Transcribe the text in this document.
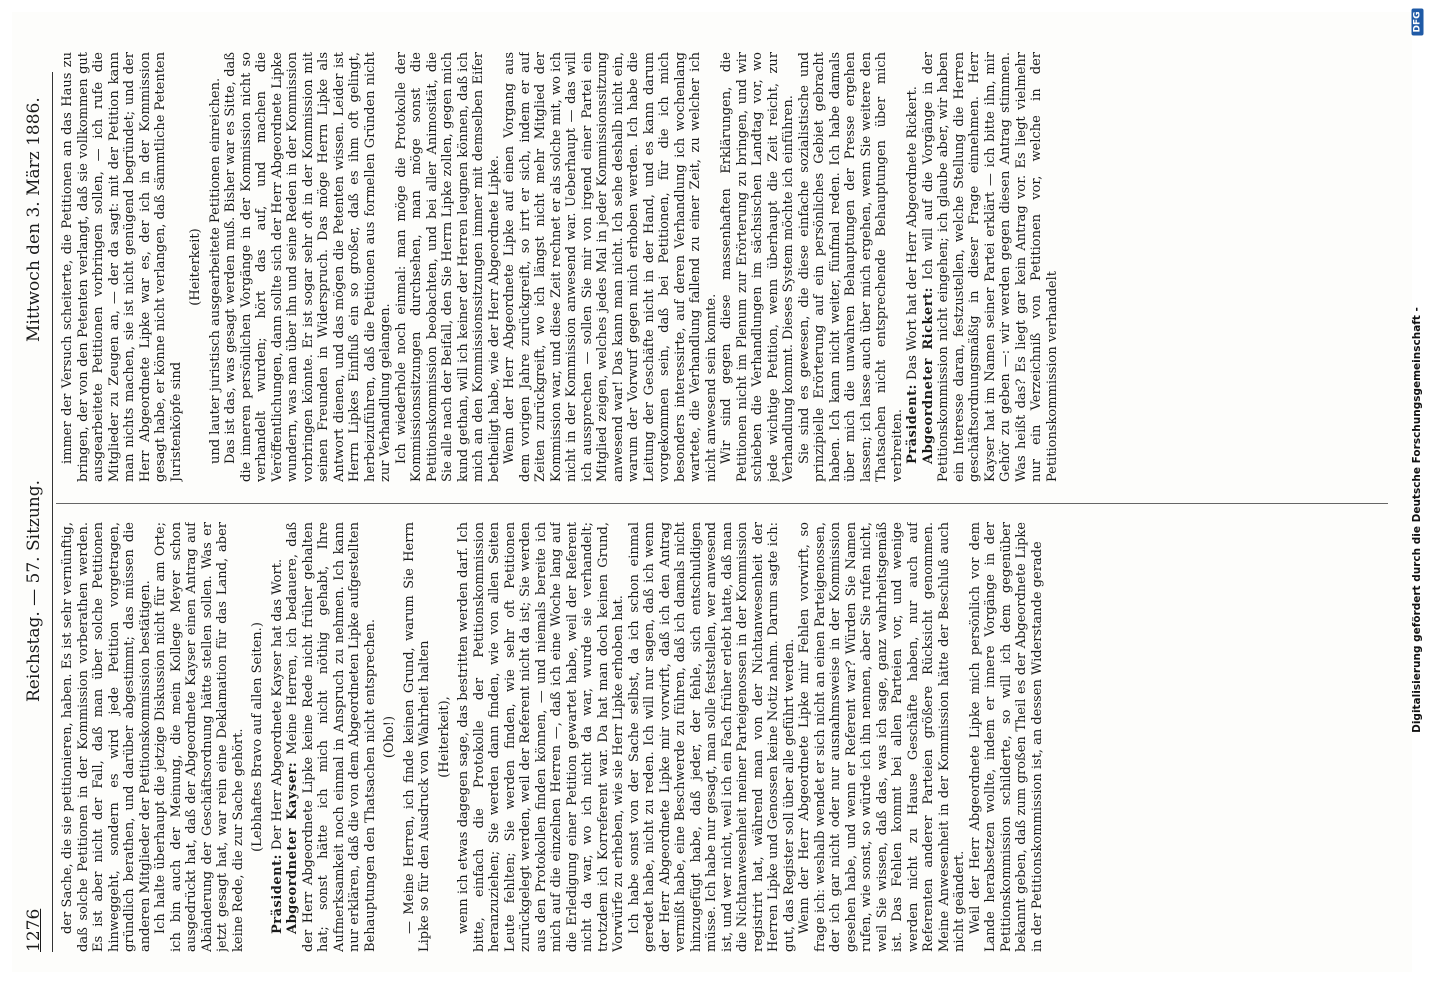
1276
Reichstag. — 57. Sitzung.
Mittwoch den 3. März 1886.

der Sache, die sie petitionieren, haben. Es ist sehr vernünftig, daß solche Petitionen in der Kommission vorberathen werden. Es ist aber nicht der Fall, daß man über solche Petitionen hinweggeht, sondern es wird jede Petition vorgetragen, gründlich berathen, und darüber abgestimmt; das müssen die anderen Mitglieder der Petitionskommission bestätigen. Ich halte überhaupt die jetzige Diskussion nicht für am Orte; ich bin auch der Meinung, die mein Kollege Meyer schon ausgedrückt hat, daß der Abgeordnete Kayser einen Antrag auf Abänderung der Geschäftsordnung hätte stellen sollen. Was er jetzt gesagt hat, war rein eine Deklamation für das Land, aber keine Rede, die zur Sache gehört. (Lebhaftes Bravo auf allen Seiten.)

Präsident: Der Herr Abgeordnete Kayser hat das Wort. Abgeordneter Kayser: Meine Herren, ich bedauere, daß der Herr Abgeordnete Lipke keine Rede nicht früher gehalten hat; sonst hätte ich mich nicht nöthig gehabt, Ihre Aufmerksamkeit noch einmal in Anspruch zu nehmen. Ich kann nur erklären, daß die von dem Abgeordneten Lipke aufgestellten Behauptungen den Thatsachen nicht entsprechen. (Oho!) — Meine Herren, ich finde keinen Grund, warum Sie Herrn Lipke so für den Ausdruck von Wahrheit halten (Heiterkeit), wenn ich etwas dagegen sage, das bestritten werden darf. Ich bitte, einfach die Protokolle der Petitionskommission heranzuziehen; Sie werden dann finden, wie von allen Seiten Leute fehlten; Sie werden finden, wie sehr oft Petitionen zurückgelegt werden, weil der Referent nicht da ist; Sie werden aus den Protokollen finden können, — und niemals bereite ich mich auf die einzelnen Herren —, daß ich eine Woche lang auf die Erledigung einer Petition gewartet habe, weil der Referent nicht da war, wo ich nicht da war, wurde sie verhandelt; trotzdem ich Korreferent war. Da hat man doch keinen Grund, Vorwürfe zu erheben, wie sie Herr Lipke erhoben hat. Ich habe sonst von der Sache selbst, da ich schon einmal geredet habe, nicht zu reden. Ich will nur sagen, daß ich wenn der Herr Abgeordnete Lipke mir vorwirft, daß ich den Antrag vermißt habe, eine Beschwerde zu führen, daß ich damals nicht hinzugefügt habe, daß jeder, der fehle, sich entschuldigen müsse. Ich habe nur gesagt, man solle feststellen, wer anwesend ist, und wer nicht, weil ich ein Fach früher erlebt hatte, daß man die Nichtanwesenheit meiner Parteigenossen in der Kommission registrirt hat, während man von der Nichtanwesenheit der Herren Lipke und Genossen keine Notiz nahm. Darum sagte ich: gut, das Register soll über alle geführt werden. Wenn der Herr Abgeordnete Lipke mir Fehlen vorwirft, so frage ich: weshalb wendet er sich nicht an einen Parteigenossen, der ich gar nicht oder nur ausnahmsweise in der Kommission gesehen habe, und wenn er Referent war? Würden Sie Namen rufen, wie sonst, so würde ich ihn nennen, aber Sie rufen nicht, weil Sie wissen, daß das, was ich sage, ganz wahrheitsgemäß ist. Das Fehlen kommt bei allen Parteien vor, und wenige werden nicht zu Hause Geschäfte haben, nur auch auf Referenten anderer Parteien größere Rücksicht genommen. Meine Anwesenheit in der Kommission hätte der Beschluß auch nicht geändert. Weil der Herr Abgeordnete Lipke mich persönlich vor dem Lande herabsetzen wollte, indem er innere Vorgänge in der Petitionskommission schilderte, so will ich dem gegenüber bekannt geben, daß zum großen Theil es der Abgeordnete Lipke in der Petitionskommission ist, an dessen Widerstande gerade

immer der Versuch scheiterte, die Petitionen an das Haus zu bringen, der von den Petenten verlangt, daß sie vollkommen gut ausgearbeitete Petitionen vorbringen sollen, — ich rufe die Mitglieder zu Zeugen an, — der da sagt: mit der Petition kann man nichts machen, sie ist nicht genügend begründet; und der Herr Abgeordnete Lipke war es, der ich in der Kommission gesagt habe, er könne nicht verlangen, daß sämmtliche Petenten Juristenköpfe sind

(Heiterkeit) und lauter juristisch ausgearbeitete Petitionen einreichen. Das ist das, was gesagt werden muß. Bisher war es Sitte, daß die inneren persönlichen Vorgänge in der Kommission nicht so verhandelt wurden; hört das auf, und machen die Veröffentlichungen, dann sollte sich der Herr Abgeordnete Lipke wundern, was man über ihn und seine Reden in der Kommission vorbringen könnte. Er ist sogar sehr oft in der Kommission mit seinen Freunden in Widerspruch. Das möge Herrn Lipke als Antwort dienen, und das mögen die Petenten wissen. Leider ist Herrn Lipkes Einfluß ein so großer, daß es ihm oft gelingt, herbeizuführen, daß die Petitionen aus formellen Gründen nicht zur Verhandlung gelangen. Ich wiederhole noch einmal: man möge die Protokolle der Kommissionssitzungen durchsehen, man möge sonst die Petitionskommission beobachten, und bei aller Animosität, die Sie alle nach der Beifall, den Sie Herrn Lipke zollen, gegen mich kund gethan, will ich keiner der Herren leugnen können, daß ich mich an den Kommissionssitzungen immer mit demselben Eifer betheiligt habe, wie der Herr Abgeordnete Lipke. Wenn der Herr Abgeordnete Lipke auf einen Vorgang aus dem vorigen Jahre zurückgreift, so irrt er sich, indem er auf Zeiten zurückgreift, wo ich längst nicht mehr Mitglied der Kommission war, und diese Zeit rechnet er als solche mit, wo ich nicht in der Kommission anwesend war. Ueberhaupt — das will ich aussprechen — sollen Sie mir von irgend einer Partei ein Mitglied zeigen, welches jedes Mal in jeder Kommissionssitzung anwesend war! Das kann man nicht. Ich sehe deshalb nicht ein, warum der Vorwurf gegen mich erhoben werden. Ich habe die Leitung der Geschäfte nicht in der Hand, und es kann darum vorgekommen sein, daß bei Petitionen, für die ich mich besonders interessirte, auf deren Verhandlung ich wochenlang wartete, die Verhandlung fallend zu einer Zeit, zu welcher ich nicht anwesend sein konnte. Wir sind gegen diese massenhaften Erklärungen, die Petitionen nicht im Plenum zur Erörterung zu bringen, und wir schieben die Verhandlungen im sächsischen Landtag vor, wo jede wichtige Petition, wenn überhaupt die Zeit reicht, zur Verhandlung kommt. Dieses System möchte ich einführen. Sie sind es gewesen, die diese einfache sozialistische und prinzipielle Erörterung auf ein persönliches Gebiet gebracht haben. Ich kann nicht weiter, fünfmal reden. Ich habe damals über mich die unwahren Behauptungen der Presse ergehen lassen; ich lasse auch über mich ergehen, wenn Sie weitere den Thatsachen nicht entsprechende Behauptungen über mich verbreiten. Präsident: Das Wort hat der Herr Abgeordnete Rickert. Abgeordneter Rickert: Ich will auf die Vorgänge in der Petitionskommission nicht eingehen; ich glaube aber, wir haben ein Interesse daran, festzustellen, welche Stellung die Herren geschäftsordnungsmäßig in dieser Frage einnehmen. Herr Kayser hat im Namen seiner Partei erklärt — ich bitte ihn, mir Gehör zu geben —: wir werden gegen diesen Antrag stimmen. Was heißt das? Es liegt gar kein Antrag vor. Es liegt vielmehr nur ein Verzeichniß von Petitionen vor, welche in der Petitionskommission verhandelt	Digitalisierung gefördert durch die Deutsche Forschungsgemeinschaft -
DFG
